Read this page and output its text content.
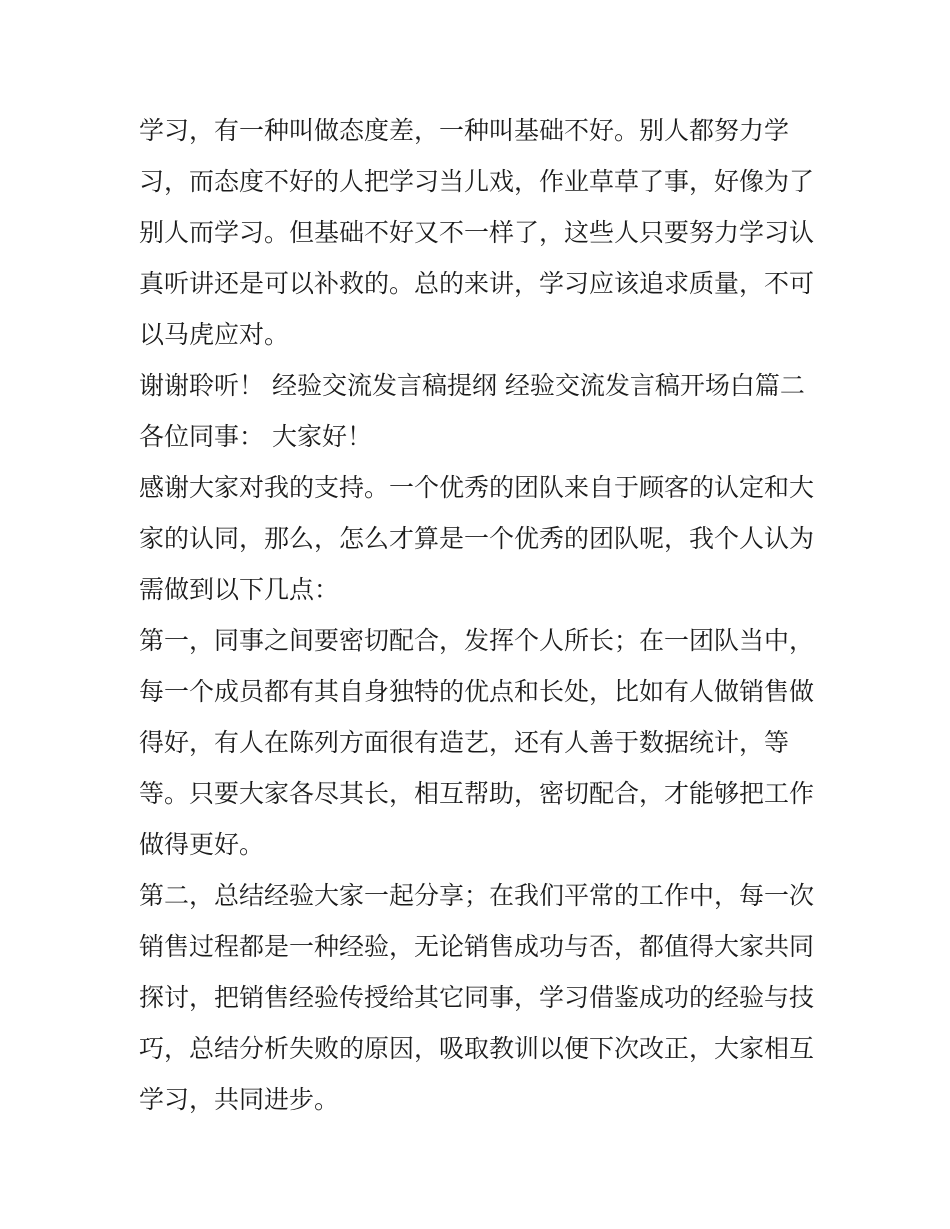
学习，有一种叫做态度差，一种叫基础不好。别人都努力学
习，而态度不好的人把学习当儿戏，作业草草了事，好像为了
别人而学习。但基础不好又不一样了，这些人只要努力学习认
真听讲还是可以补救的。总的来讲，学习应该追求质量，不可
以马虎应对。
谢谢聆听！ 经验交流发言稿提纲 经验交流发言稿开场白篇二
各位同事： 大家好！
感谢大家对我的支持。一个优秀的团队来自于顾客的认定和大
家的认同，那么，怎么才算是一个优秀的团队呢，我个人认为
需做到以下几点：
第一，同事之间要密切配合，发挥个人所长；在一团队当中，
每一个成员都有其自身独特的优点和长处，比如有人做销售做
得好，有人在陈列方面很有造艺，还有人善于数据统计，等
等。只要大家各尽其长，相互帮助，密切配合，才能够把工作
做得更好。
第二，总结经验大家一起分享；在我们平常的工作中，每一次
销售过程都是一种经验，无论销售成功与否，都值得大家共同
探讨，把销售经验传授给其它同事，学习借鉴成功的经验与技
巧，总结分析失败的原因，吸取教训以便下次改正，大家相互
学习，共同进步。
